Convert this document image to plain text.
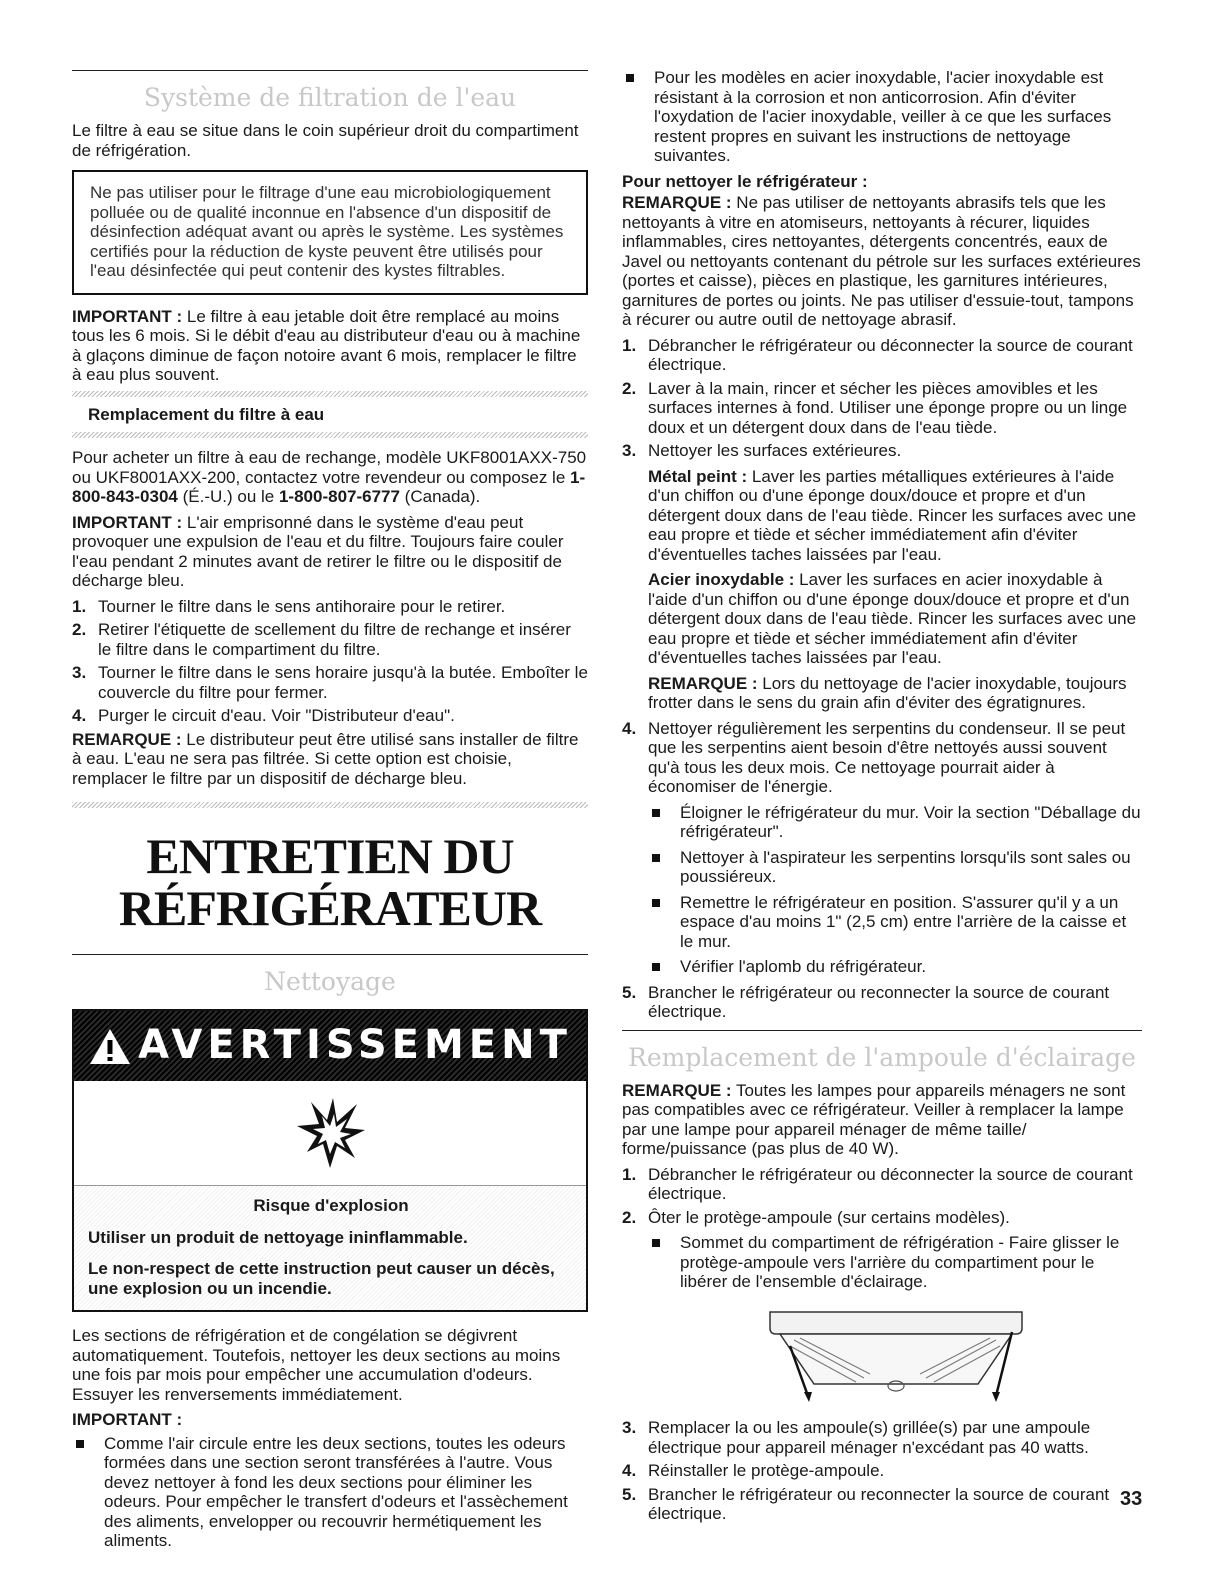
Système de filtration de l'eau

Le filtre à eau se situe dans le coin supérieur droit du compartiment de réfrigération.

Ne pas utiliser pour le filtrage d'une eau microbiologiquement polluée ou de qualité inconnue en l'absence d'un dispositif de désinfection adéquat avant ou après le système. Les systèmes certifiés pour la réduction de kyste peuvent être utilisés pour l'eau désinfectée qui peut contenir des kystes filtrables.

IMPORTANT : Le filtre à eau jetable doit être remplacé au moins tous les 6 mois. Si le débit d'eau au distributeur d'eau ou à machine à glaçons diminue de façon notoire avant 6 mois, remplacer le filtre à eau plus souvent.

Remplacement du filtre à eau

Pour acheter un filtre à eau de rechange, modèle UKF8001AXX-750 ou UKF8001AXX-200, contactez votre revendeur ou composez le 1-800-843-0304 (É.-U.) ou le 1-800-807-6777 (Canada).

IMPORTANT : L'air emprisonné dans le système d'eau peut provoquer une expulsion de l'eau et du filtre. Toujours faire couler l'eau pendant 2 minutes avant de retirer le filtre ou le dispositif de décharge bleu.

1. Tourner le filtre dans le sens antihoraire pour le retirer.
2. Retirer l'étiquette de scellement du filtre de rechange et insérer le filtre dans le compartiment du filtre.
3. Tourner le filtre dans le sens horaire jusqu'à la butée. Emboîter le couvercle du filtre pour fermer.
4. Purger le circuit d'eau. Voir "Distributeur d'eau".

REMARQUE : Le distributeur peut être utilisé sans installer de filtre à eau. L'eau ne sera pas filtrée. Si cette option est choisie, remplacer le filtre par un dispositif de décharge bleu.

ENTRETIEN DU
RÉFRIGÉRATEUR
Nettoyage
AVERTISSEMENT
Risque d'explosion
Utiliser un produit de nettoyage ininflammable.
Le non-respect de cette instruction peut causer un décès, une explosion ou un incendie.

Les sections de réfrigération et de congélation se dégivrent automatiquement. Toutefois, nettoyer les deux sections au moins une fois par mois pour empêcher une accumulation d'odeurs. Essuyer les renversements immédiatement.

IMPORTANT :

Comme l'air circule entre les deux sections, toutes les odeurs formées dans une section seront transférées à l'autre. Vous devez nettoyer à fond les deux sections pour éliminer les odeurs. Pour empêcher le transfert d'odeurs et l'assèchement des aliments, envelopper ou recouvrir hermétiquement les aliments.
Pour les modèles en acier inoxydable, l'acier inoxydable est résistant à la corrosion et non anticorrosion. Afin d'éviter l'oxydation de l'acier inoxydable, veiller à ce que les surfaces restent propres en suivant les instructions de nettoyage suivantes.

Pour nettoyer le réfrigérateur :

REMARQUE : Ne pas utiliser de nettoyants abrasifs tels que les nettoyants à vitre en atomiseurs, nettoyants à récurer, liquides inflammables, cires nettoyantes, détergents concentrés, eaux de Javel ou nettoyants contenant du pétrole sur les surfaces extérieures (portes et caisse), pièces en plastique, les garnitures intérieures, garnitures de portes ou joints. Ne pas utiliser d'essuie-tout, tampons à récurer ou autre outil de nettoyage abrasif.

1. Débrancher le réfrigérateur ou déconnecter la source de courant électrique.
2. Laver à la main, rincer et sécher les pièces amovibles et les surfaces internes à fond. Utiliser une éponge propre ou un linge doux et un détergent doux dans de l'eau tiède.
3. Nettoyer les surfaces extérieures.

Métal peint : Laver les parties métalliques extérieures à l'aide d'un chiffon ou d'une éponge doux/douce et propre et d'un détergent doux dans de l'eau tiède. Rincer les surfaces avec une eau propre et tiède et sécher immédiatement afin d'éviter d'éventuelles taches laissées par l'eau.

Acier inoxydable : Laver les surfaces en acier inoxydable à l'aide d'un chiffon ou d'une éponge doux/douce et propre et d'un détergent doux dans de l'eau tiède. Rincer les surfaces avec une eau propre et tiède et sécher immédiatement afin d'éviter d'éventuelles taches laissées par l'eau.

REMARQUE : Lors du nettoyage de l'acier inoxydable, toujours frotter dans le sens du grain afin d'éviter des égratignures.

4. Nettoyer régulièrement les serpentins du condenseur. Il se peut que les serpentins aient besoin d'être nettoyés aussi souvent qu'à tous les deux mois. Ce nettoyage pourrait aider à économiser de l'énergie.
Éloigner le réfrigérateur du mur. Voir la section "Déballage du réfrigérateur".
Nettoyer à l'aspirateur les serpentins lorsqu'ils sont sales ou poussiéreux.
Remettre le réfrigérateur en position. S'assurer qu'il y a un espace d'au moins 1" (2,5 cm) entre l'arrière de la caisse et le mur.
Vérifier l'aplomb du réfrigérateur.
5. Brancher le réfrigérateur ou reconnecter la source de courant électrique.
Remplacement de l'ampoule d'éclairage

REMARQUE : Toutes les lampes pour appareils ménagers ne sont pas compatibles avec ce réfrigérateur. Veiller à remplacer la lampe par une lampe pour appareil ménager de même taille/ forme/puissance (pas plus de 40 W).

1. Débrancher le réfrigérateur ou déconnecter la source de courant électrique.
2. Ôter le protège-ampoule (sur certains modèles).
Sommet du compartiment de réfrigération - Faire glisser le protège-ampoule vers l'arrière du compartiment pour le libérer de l'ensemble d'éclairage.
3. Remplacer la ou les ampoule(s) grillée(s) par une ampoule électrique pour appareil ménager n'excédant pas 40 watts.
4. Réinstaller le protège-ampoule.
5. Brancher le réfrigérateur ou reconnecter la source de courant électrique.
33
